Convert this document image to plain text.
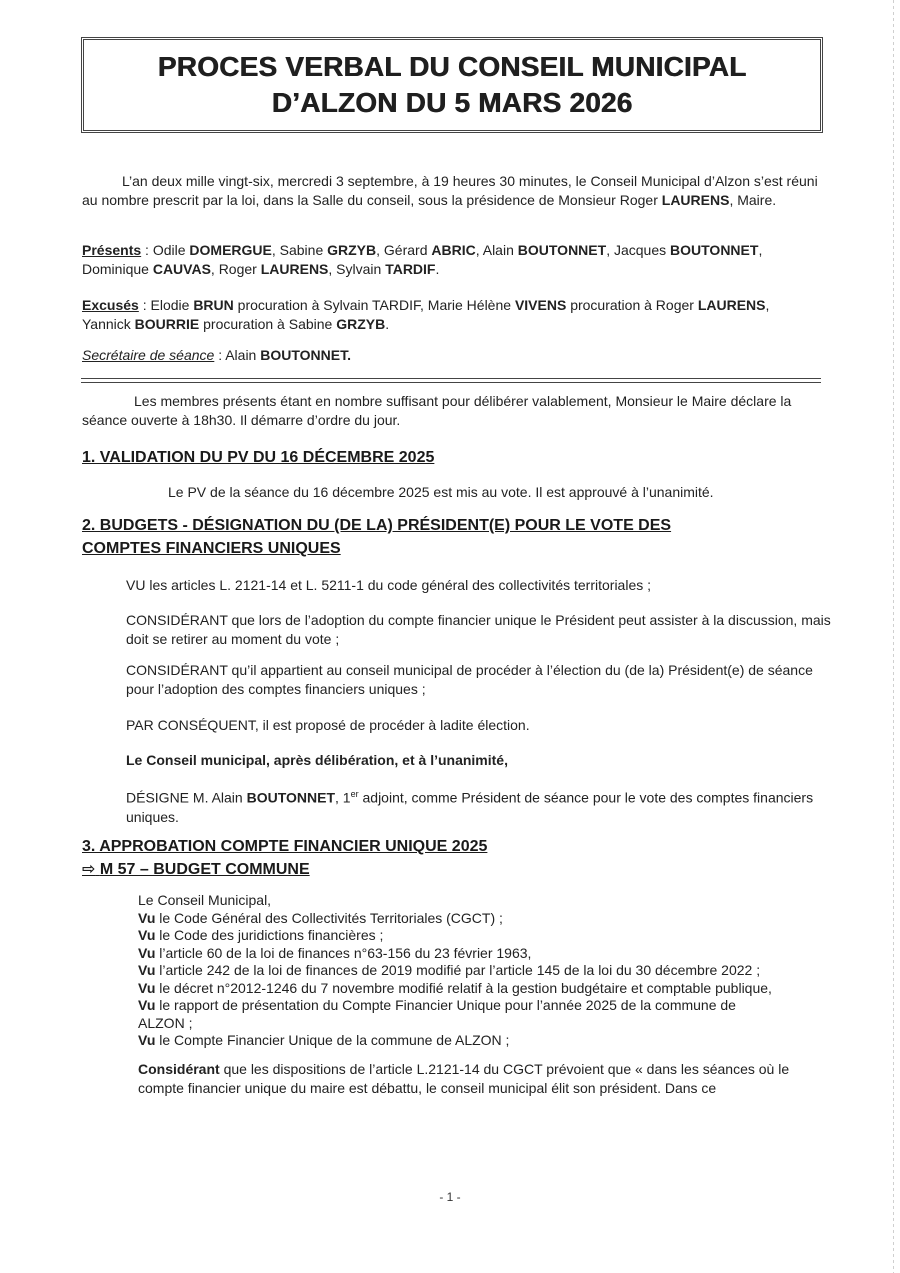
PROCES VERBAL DU CONSEIL MUNICIPAL
D’ALZON DU 5 MARS 2026
L’an deux mille vingt-six, mercredi 3 septembre, à 19 heures 30 minutes, le Conseil Municipal d’Alzon s’est réuni au nombre prescrit par la loi, dans la Salle du conseil, sous la présidence de Monsieur Roger LAURENS, Maire.
Présents : Odile DOMERGUE, Sabine GRZYB, Gérard ABRIC, Alain BOUTONNET, Jacques BOUTONNET, Dominique CAUVAS, Roger LAURENS, Sylvain TARDIF.
Excusés : Elodie BRUN procuration à Sylvain TARDIF, Marie Hélène VIVENS procuration à Roger LAURENS, Yannick BOURRIE procuration à Sabine GRZYB.
Secrétaire de séance : Alain BOUTONNET.
Les membres présents étant en nombre suffisant pour délibérer valablement, Monsieur le Maire déclare la séance ouverte à 18h30. Il démarre d’ordre du jour.
1. VALIDATION DU PV DU 16 DÉCEMBRE 2025
Le PV de la séance du 16 décembre 2025 est mis au vote. Il est approuvé à l’unanimité.
2. BUDGETS - DÉSIGNATION DU (DE LA) PRÉSIDENT(E) POUR LE VOTE DES
COMPTES FINANCIERS UNIQUES
VU les articles L. 2121-14 et L. 5211-1 du code général des collectivités territoriales ;
CONSIDÉRANT que lors de l’adoption du compte financier unique le Président peut assister à la discussion, mais doit se retirer au moment du vote ;
CONSIDÉRANT qu’il appartient au conseil municipal de procéder à l’élection du (de la) Président(e) de séance pour l’adoption des comptes financiers uniques ;
PAR CONSÉQUENT, il est proposé de procéder à ladite élection.
Le Conseil municipal, après délibération, et à l’unanimité,
DÉSIGNE M. Alain BOUTONNET, 1er adjoint, comme Président de séance pour le vote des comptes financiers uniques.
3. APPROBATION COMPTE FINANCIER UNIQUE 2025
⇨ M 57 – BUDGET COMMUNE
Le Conseil Municipal,
Vu le Code Général des Collectivités Territoriales (CGCT) ;
Vu le Code des juridictions financières ;
Vu l’article 60 de la loi de finances n°63-156 du 23 février 1963,
Vu l’article 242 de la loi de finances de 2019 modifié par l’article 145 de la loi du 30 décembre 2022 ;
Vu le décret n°2012-1246 du 7 novembre modifié relatif à la gestion budgétaire et comptable publique,
Vu le rapport de présentation du Compte Financier Unique pour l’année 2025 de la commune de
ALZON ;
Vu le Compte Financier Unique de la commune de ALZON ;
Considérant que les dispositions de l’article L.2121-14 du CGCT prévoient que « dans les séances où le compte financier unique du maire est débattu, le conseil municipal élit son président. Dans ce
- 1 -
